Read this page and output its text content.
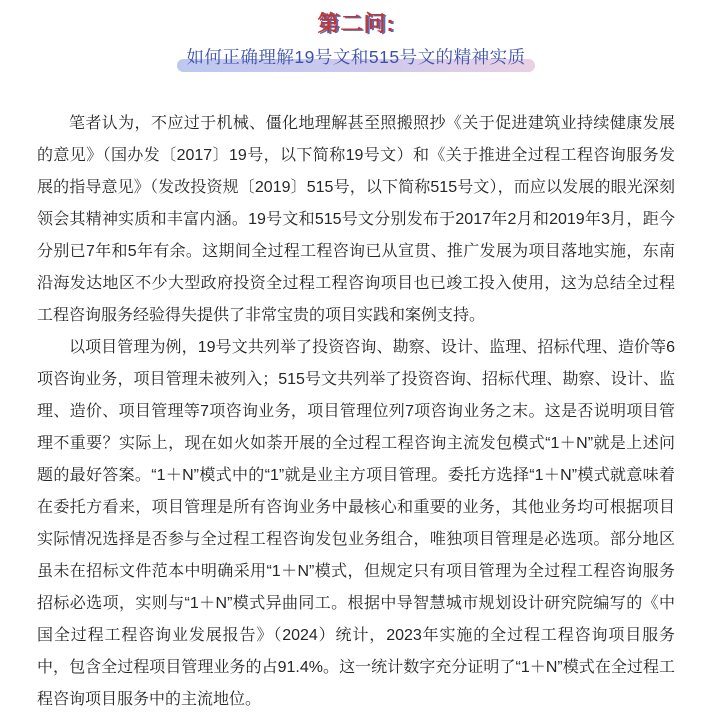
第二问:
如何正确理解19号文和515号文的精神实质

笔者认为，不应过于机械、僵化地理解甚至照搬照抄《关于促进建筑业持续健康发展的意见》（国办发〔2017〕19号，以下简称19号文）和《关于推进全过程工程咨询服务发展的指导意见》（发改投资规〔2019〕515号，以下简称515号文），而应以发展的眼光深刻领会其精神实质和丰富内涵。19号文和515号文分别发布于2017年2月和2019年3月，距今分别已7年和5年有余。这期间全过程工程咨询已从宣贯、推广发展为项目落地实施，东南沿海发达地区不少大型政府投资全过程工程咨询项目也已竣工投入使用，这为总结全过程工程咨询服务经验得失提供了非常宝贵的项目实践和案例支持。

以项目管理为例，19号文共列举了投资咨询、勘察、设计、监理、招标代理、造价等6项咨询业务，项目管理未被列入；515号文共列举了投资咨询、招标代理、勘察、设计、监理、造价、项目管理等7项咨询业务，项目管理位列7项咨询业务之末。这是否说明项目管理不重要？实际上，现在如火如荼开展的全过程工程咨询主流发包模式“1＋N”就是上述问题的最好答案。“1＋N”模式中的“1”就是业主方项目管理。委托方选择“1＋N”模式就意味着在委托方看来，项目管理是所有咨询业务中最核心和重要的业务，其他业务均可根据项目实际情况选择是否参与全过程工程咨询发包业务组合，唯独项目管理是必选项。部分地区虽未在招标文件范本中明确采用“1＋N”模式，但规定只有项目管理为全过程工程咨询服务招标必选项，实则与“1＋N”模式异曲同工。根据中导智慧城市规划设计研究院编写的《中国全过程工程咨询业发展报告》（2024）统计，2023年实施的全过程工程咨询项目服务中，包含全过程项目管理业务的占91.4%。这一统计数字充分证明了“1＋N”模式在全过程工程咨询项目服务中的主流地位。
